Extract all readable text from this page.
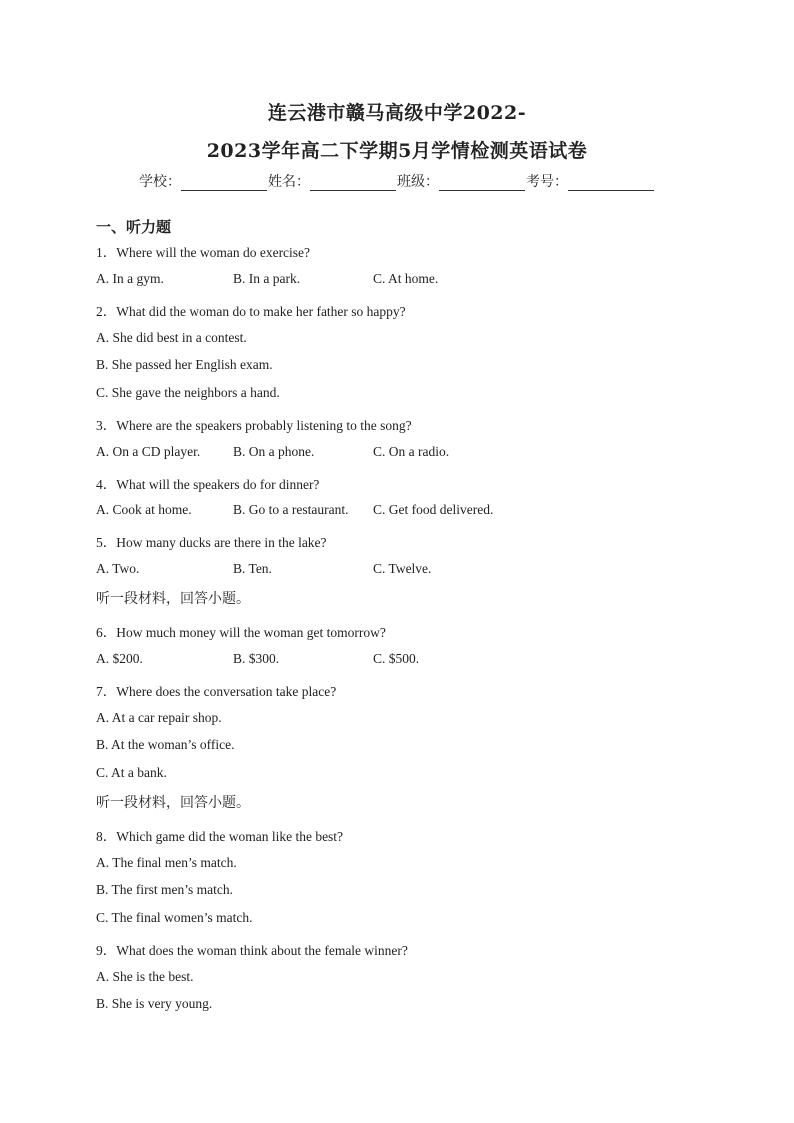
连云港市赣马高级中学2022-
2023学年高二下学期5月学情检测英语试卷
学校：	姓名：	班级：	考号：
一、听力题
1．Where will the woman do exercise?
A. In a gym.	B. In a park.	C. At home.
2．What did the woman do to make her father so happy?
A. She did best in a contest.
B. She passed her English exam.
C. She gave the neighbors a hand.
3．Where are the speakers probably listening to the song?
A. On a CD player. B. On a phone.	C. On a radio.
4．What will the speakers do for dinner?
A. Cook at home.	B. Go to a restaurant. C. Get food delivered.
5．How many ducks are there in the lake?
A. Two.	B. Ten.	C. Twelve.
听一段材料，回答小题。
6．How much money will the woman get tomorrow?
A. $200.	B. $300.	C. $500.
7．Where does the conversation take place?
A. At a car repair shop.
B. At the woman’s office.
C. At a bank.
听一段材料，回答小题。
8．Which game did the woman like the best?
A. The final men’s match.
B. The first men’s match.
C. The final women’s match.
9．What does the woman think about the female winner?
A. She is the best.
B. She is very young.
